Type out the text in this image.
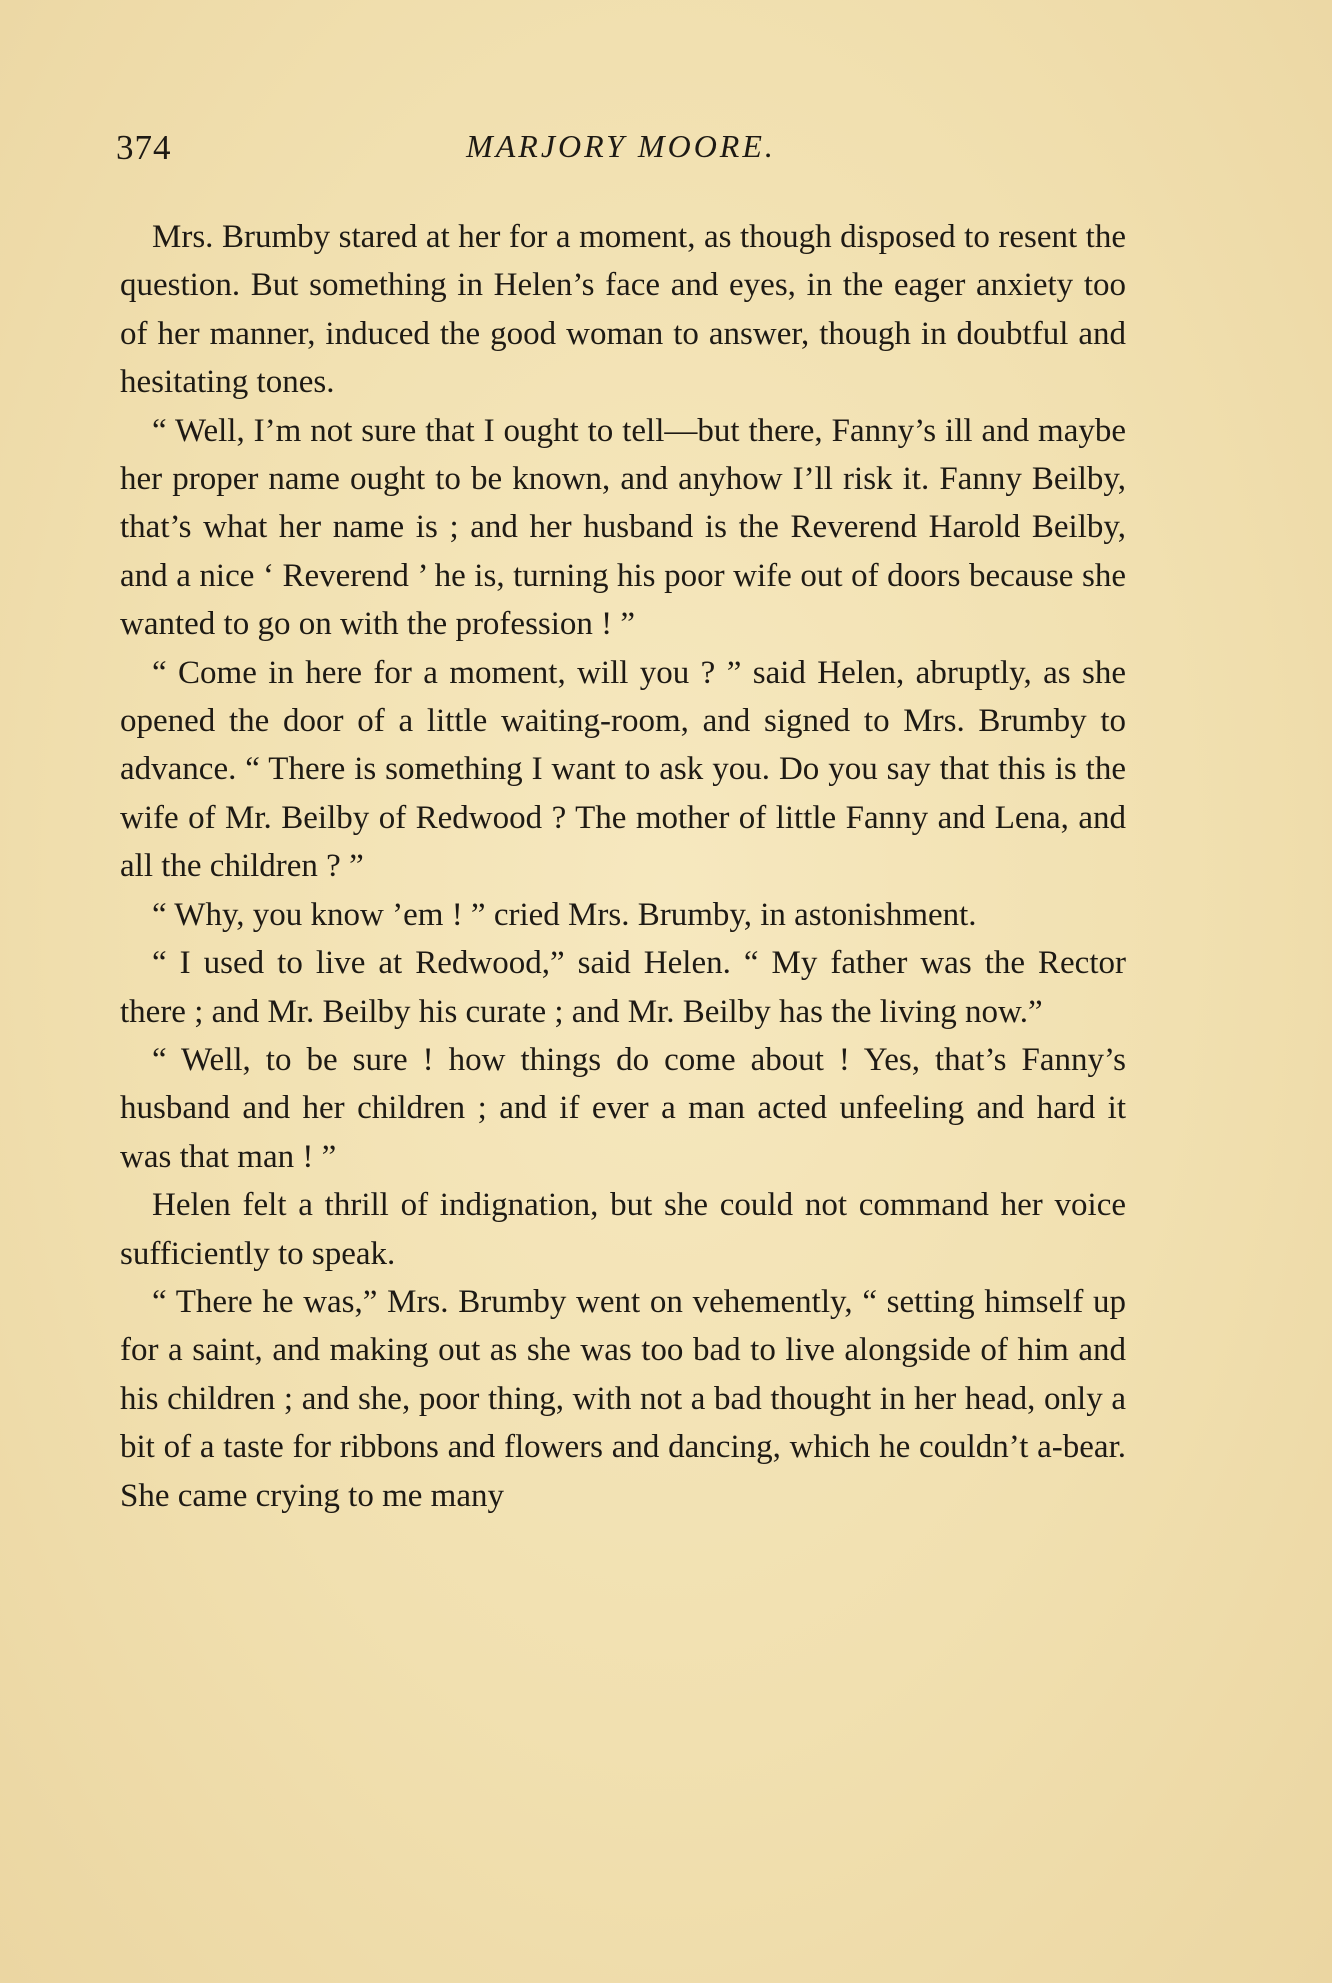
374	MARJORY MOORE.

Mrs. Brumby stared at her for a moment, as though disposed to resent the question. But something in Helen’s face and eyes, in the eager anxiety too of her manner, induced the good woman to answer, though in doubtful and hesitating tones.

“ Well, I’m not sure that I ought to tell—but there, Fanny’s ill and maybe her proper name ought to be known, and anyhow I’ll risk it. Fanny Beilby, that’s what her name is ; and her husband is the Reverend Harold Beilby, and a nice ‘ Reverend ’ he is, turning his poor wife out of doors because she wanted to go on with the profession ! ”

“ Come in here for a moment, will you ? ” said Helen, abruptly, as she opened the door of a little waiting-room, and signed to Mrs. Brumby to advance. “ There is something I want to ask you. Do you say that this is the wife of Mr. Beilby of Redwood ? The mother of little Fanny and Lena, and all the children ? ”

“ Why, you know ’em ! ” cried Mrs. Brumby, in astonishment.

“ I used to live at Redwood,” said Helen. “ My father was the Rector there ; and Mr. Beilby his curate ; and Mr. Beilby has the living now.”

“ Well, to be sure ! how things do come about ! Yes, that’s Fanny’s husband and her children ; and if ever a man acted unfeeling and hard it was that man ! ”

Helen felt a thrill of indignation, but she could not command her voice sufficiently to speak.

“ There he was,” Mrs. Brumby went on vehemently, “ setting himself up for a saint, and making out as she was too bad to live alongside of him and his children ; and she, poor thing, with not a bad thought in her head, only a bit of a taste for ribbons and flowers and dancing, which he couldn’t a-bear. She came crying to me many
